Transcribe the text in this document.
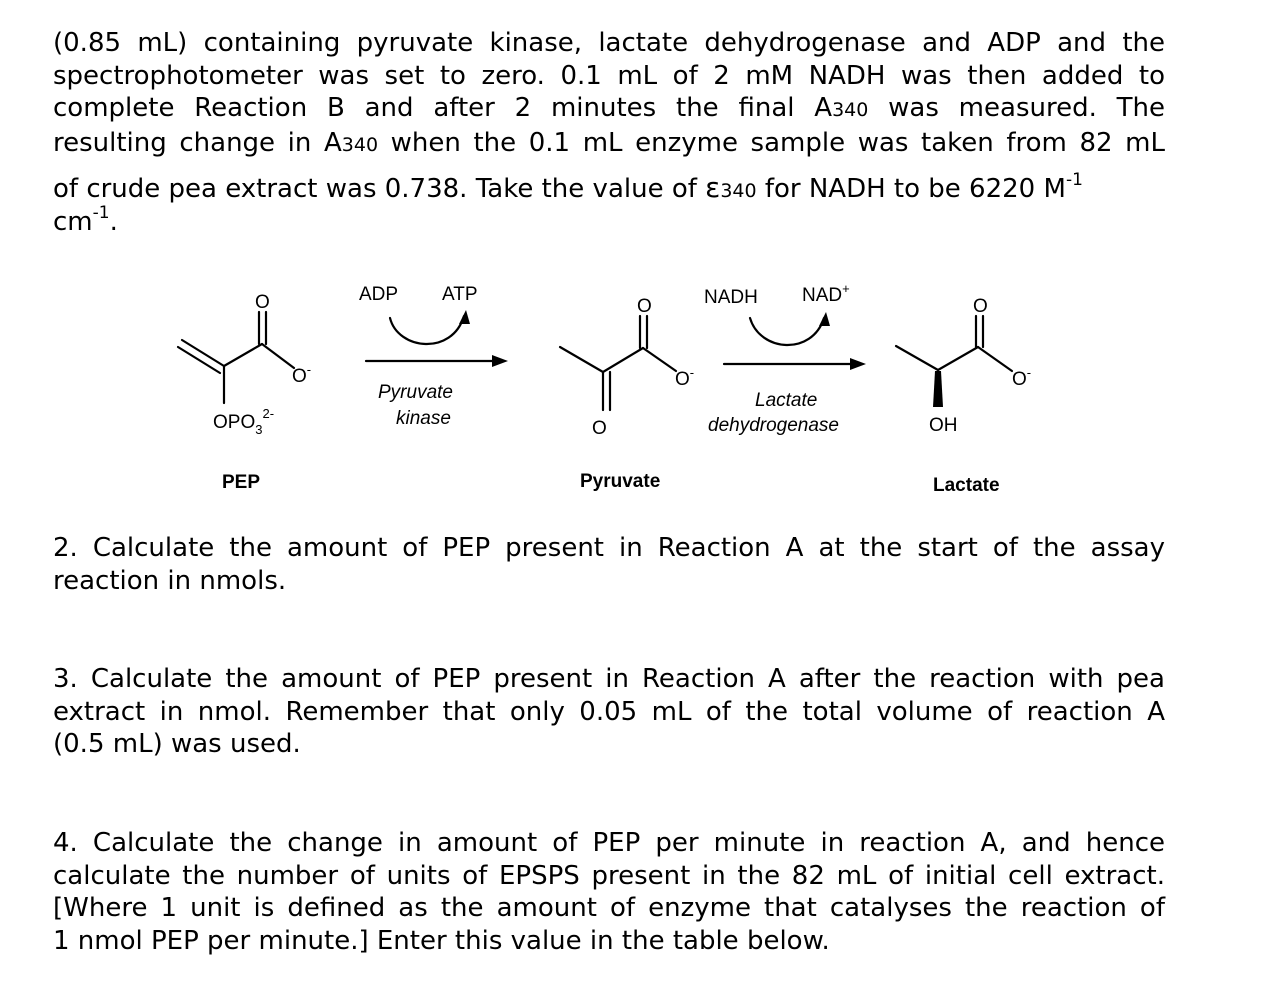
(0.85 mL) containing pyruvate kinase, lactate dehydrogenase and ADP and the
spectrophotometer was set to zero. 0.1 mL of 2 mM NADH was then added to
complete Reaction B and after 2 minutes the final A340 was measured. The
resulting change in A340 when the 0.1 mL enzyme sample was taken from 82 mL
of crude pea extract was 0.738. Take the value of ε340 for NADH to be 6220 $M^{-1}$
$cm^{-1}$.
O
O-
$OPO_3^{2-}$
ADP ATP	NADH NAD+
Pyruvate
kinase
Lactate
dehydrogenase
O
O-
O
O
O-
OH
PEP	Pyruvate	Lactate
2. Calculate the amount of PEP present in Reaction A at the start of the assay
reaction in nmols.
3. Calculate the amount of PEP present in Reaction A after the reaction with pea
extract in nmol. Remember that only 0.05 mL of the total volume of reaction A
(0.5 mL) was used.
4. Calculate the change in amount of PEP per minute in reaction A, and hence
calculate the number of units of EPSPS present in the 82 mL of initial cell extract.
[Where 1 unit is defined as the amount of enzyme that catalyses the reaction of
1 nmol PEP per minute.] Enter this value in the table below.
